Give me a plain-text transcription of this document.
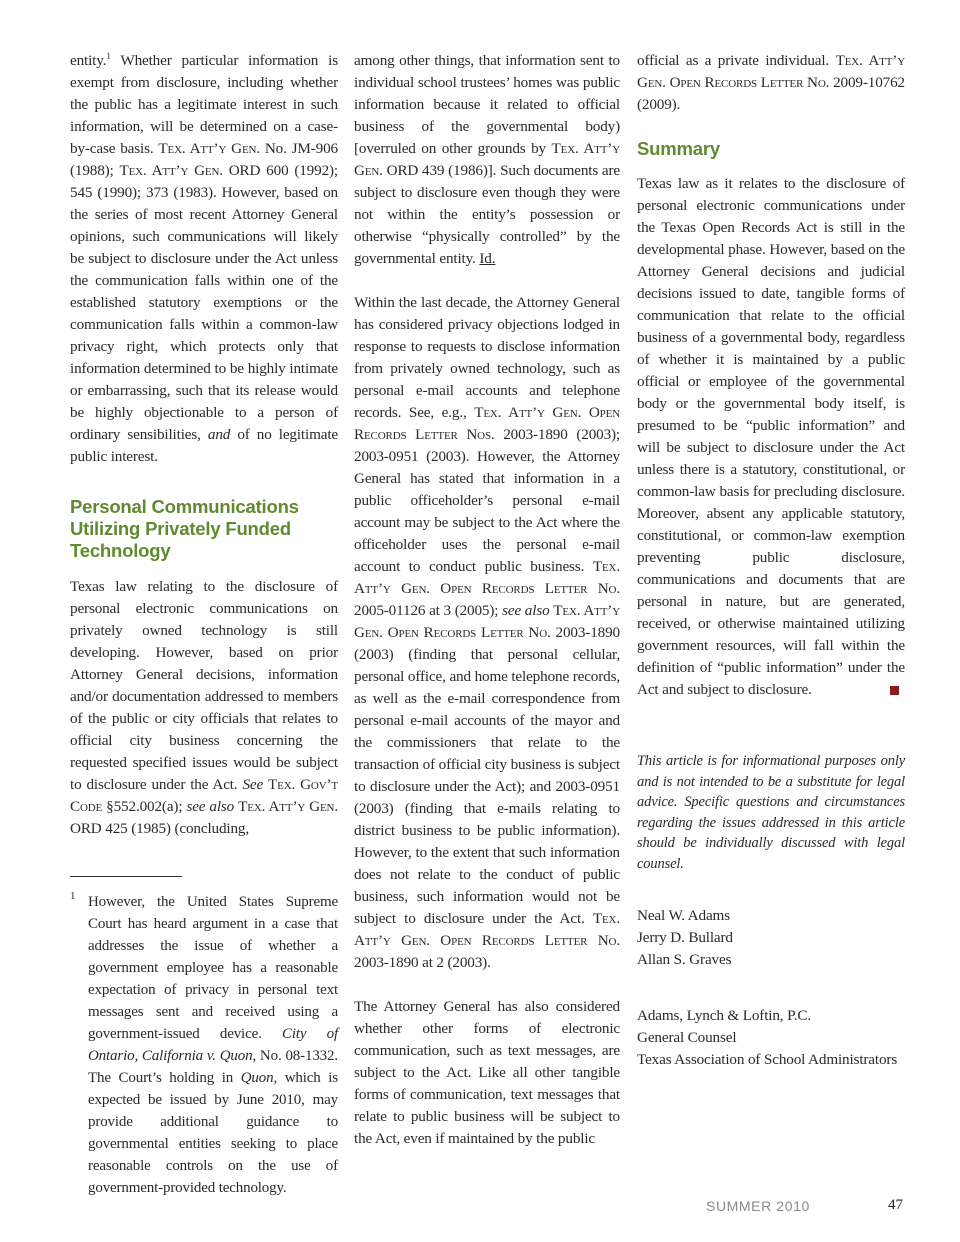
entity.$^1$ Whether particular information is exempt from disclosure, including whether the public has a legitimate interest in such information, will be determined on a case-by-case basis. Tex. Att’y Gen. No. JM-906 (1988); Tex. Att’y Gen. ORD 600 (1992); 545 (1990); 373 (1983). However, based on the series of most recent Attorney General opinions, such communications will likely be subject to disclosure under the Act unless the communication falls within one of the established statutory exemptions or the communication falls within a common-law privacy right, which protects only that information determined to be highly intimate or embarrassing, such that its release would be highly objectionable to a person of ordinary sensibilities, and of no legitimate public interest.

Personal Communications Utilizing Privately Funded Technology

Texas law relating to the disclosure of personal electronic communications on privately owned technology is still developing. However, based on prior Attorney General decisions, information and/or documentation addressed to members of the public or city officials that relates to official city business concerning the requested specified issues would be subject to disclosure under the Act. See Tex. Gov’t Code §552.002(a); see also Tex. Att’y Gen. ORD 425 (1985) (concluding,

1 However, the United States Supreme Court has heard argument in a case that addresses the issue of whether a government employee has a reasonable expectation of privacy in personal text messages sent and received using a government-issued device. City of Ontario, California v. Quon, No. 08-1332. The Court’s holding in Quon, which is expected be issued by June 2010, may provide additional guidance to governmental entities seeking to place reasonable controls on the use of government-provided technology.

among other things, that information sent to individual school trustees’ homes was public information because it related to official business of the governmental body) [overruled on other grounds by Tex. Att’y Gen. ORD 439 (1986)]. Such documents are subject to disclosure even though they were not within the entity’s possession or otherwise “physically controlled” by the governmental entity. Id.

Within the last decade, the Attorney General has considered privacy objections lodged in response to requests to disclose information from privately owned technology, such as personal e-mail accounts and telephone records. See, e.g., Tex. Att’y Gen. Open Records Letter Nos. 2003-1890 (2003); 2003-0951 (2003). However, the Attorney General has stated that information in a public officeholder’s personal e-mail account may be subject to the Act where the officeholder uses the personal e-mail account to conduct public business. Tex. Att’y Gen. Open Records Letter No. 2005-01126 at 3 (2005); see also Tex. Att’y Gen. Open Records Letter No. 2003-1890 (2003) (finding that personal cellular, personal office, and home telephone records, as well as the e-mail correspondence from personal e-mail accounts of the mayor and the commissioners that relate to the transaction of official city business is subject to disclosure under the Act); and 2003-0951 (2003) (finding that e-mails relating to district business to be public information). However, to the extent that such information does not relate to the conduct of public business, such information would not be subject to disclosure under the Act. Tex. Att’y Gen. Open Records Letter No. 2003-1890 at 2 (2003).

The Attorney General has also considered whether other forms of electronic communication, such as text messages, are subject to the Act. Like all other tangible forms of communication, text messages that relate to public business will be subject to the Act, even if maintained by the public

official as a private individual. Tex. Att’y Gen. Open Records Letter No. 2009-10762 (2009).

Summary

Texas law as it relates to the disclosure of personal electronic communications under the Texas Open Records Act is still in the developmental phase. However, based on the Attorney General decisions and judicial decisions issued to date, tangible forms of communication that relate to the official business of a governmental body, regardless of whether it is maintained by a public official or employee of the governmental body or the governmental body itself, is presumed to be “public information” and will be subject to disclosure under the Act unless there is a statutory, constitutional, or common-law basis for precluding disclosure. Moreover, absent any applicable statutory, constitutional, or common-law exemption preventing public disclosure, communications and documents that are personal in nature, but are generated, received, or otherwise maintained utilizing government resources, will fall within the definition of “public information” under the Act and subject to disclosure.

This article is for informational purposes only and is not intended to be a substitute for legal advice. Specific questions and circumstances regarding the issues addressed in this article should be individually discussed with legal counsel.

Neal W. Adams

Jerry D. Bullard

Allan S. Graves

Adams, Lynch & Loftin, P.C.

General Counsel

Texas Association of School Administrators

SUMMER 2010	47
